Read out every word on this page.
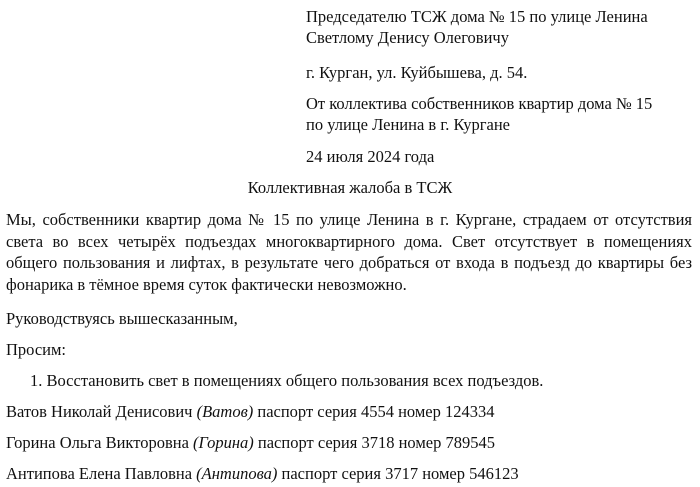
Председателю ТСЖ дома № 15 по улице Ленина

Светлому Денису Олеговичу

г. Курган, ул. Куйбышева, д. 54.

От коллектива собственников квартир дома № 15

по улице Ленина в г. Кургане

24 июля 2024 года

Коллективная жалоба в ТСЖ

Мы, собственники квартир дома № 15 по улице Ленина в г. Кургане, страдаем от отсутствия света во всех четырёх подъездах многоквартирного дома. Свет отсутствует в помещениях общего пользования и лифтах, в результате чего добраться от входа в подъезд до квартиры без фонарика в тёмное время суток фактически невозможно.

Руководствуясь вышесказанным,
Просим:
1. Восстановить свет в помещениях общего пользования всех подъездов.
Ватов Николай Денисович (Ватов) паспорт серия 4554 номер 124334
Горина Ольга Викторовна (Горина) паспорт серия 3718 номер 789545
Антипова Елена Павловна (Антипова) паспорт серия 3717 номер 546123
